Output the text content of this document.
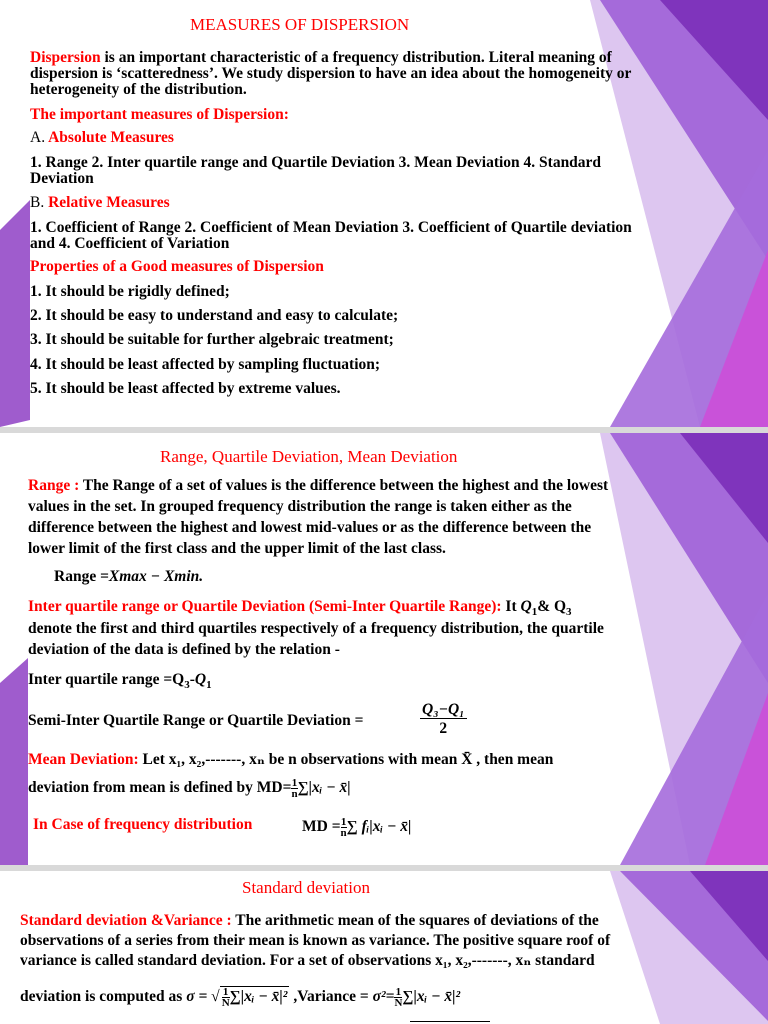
MEASURES OF DISPERSION
Dispersion is an important characteristic of a frequency distribution. Literal meaning of
dispersion is ‘scatteredness’. We study dispersion to have an idea about the homogeneity or
heterogeneity of the distribution.
The important measures of Dispersion:
A. Absolute Measures
1. Range 2. Inter quartile range and Quartile Deviation 3. Mean Deviation 4. Standard
Deviation
B. Relative Measures
1. Coefficient of Range 2. Coefficient of Mean Deviation 3. Coefficient of Quartile deviation
and 4. Coefficient of Variation
Properties of a Good measures of Dispersion
1. It should be rigidly defined;
2. It should be easy to understand and easy to calculate;
3. It should be suitable for further algebraic treatment;
4. It should be least affected by sampling fluctuation;
5. It should be least affected by extreme values.
Range, Quartile Deviation, Mean Deviation
Range : The Range of a set of values is the difference between the highest and the lowest
values in the set. In grouped frequency distribution the range is taken either as the
difference between the highest and lowest mid-values or as the difference between the
lower limit of the first class and the upper limit of the last class.
Range =Xmax − Xmin.
Inter quartile range or Quartile Deviation (Semi-Inter Quartile Range): It $Q_1\&$ $Q_3$
denote the first and third quartiles respectively of a frequency distribution, the quartile
deviation of the data is defined by the relation -
Inter quartile range $=Q_3-Q_1$
Semi-Inter Quartile Range or Quartile Deviation =
Q₃−Q₁
2
Mean Deviation: Let x₁, x₂,-------, xₙ be n observations with mean X̄ , then mean
deviation from mean is defined by $MD= \frac{1}{n}$ ∑|xᵢ − x̄|
In Case of frequency distribution	MD = $\frac{1}{n}$ ∑ fᵢ|xᵢ − x̄|
Standard deviation
Standard deviation &Variance : The arithmetic mean of the squares of deviations of the
observations of a series from their mean is known as variance. The positive square roof of
variance is called standard deviation. For a set of observations x₁, x₂,-------, xₙ standard
deviation is computed as σ = √ $\frac{1}{N}$ ∑|xᵢ − x̄|² ,Variance = $\sigma^2= \frac{1}{N}$ ∑|xᵢ − x̄|²
